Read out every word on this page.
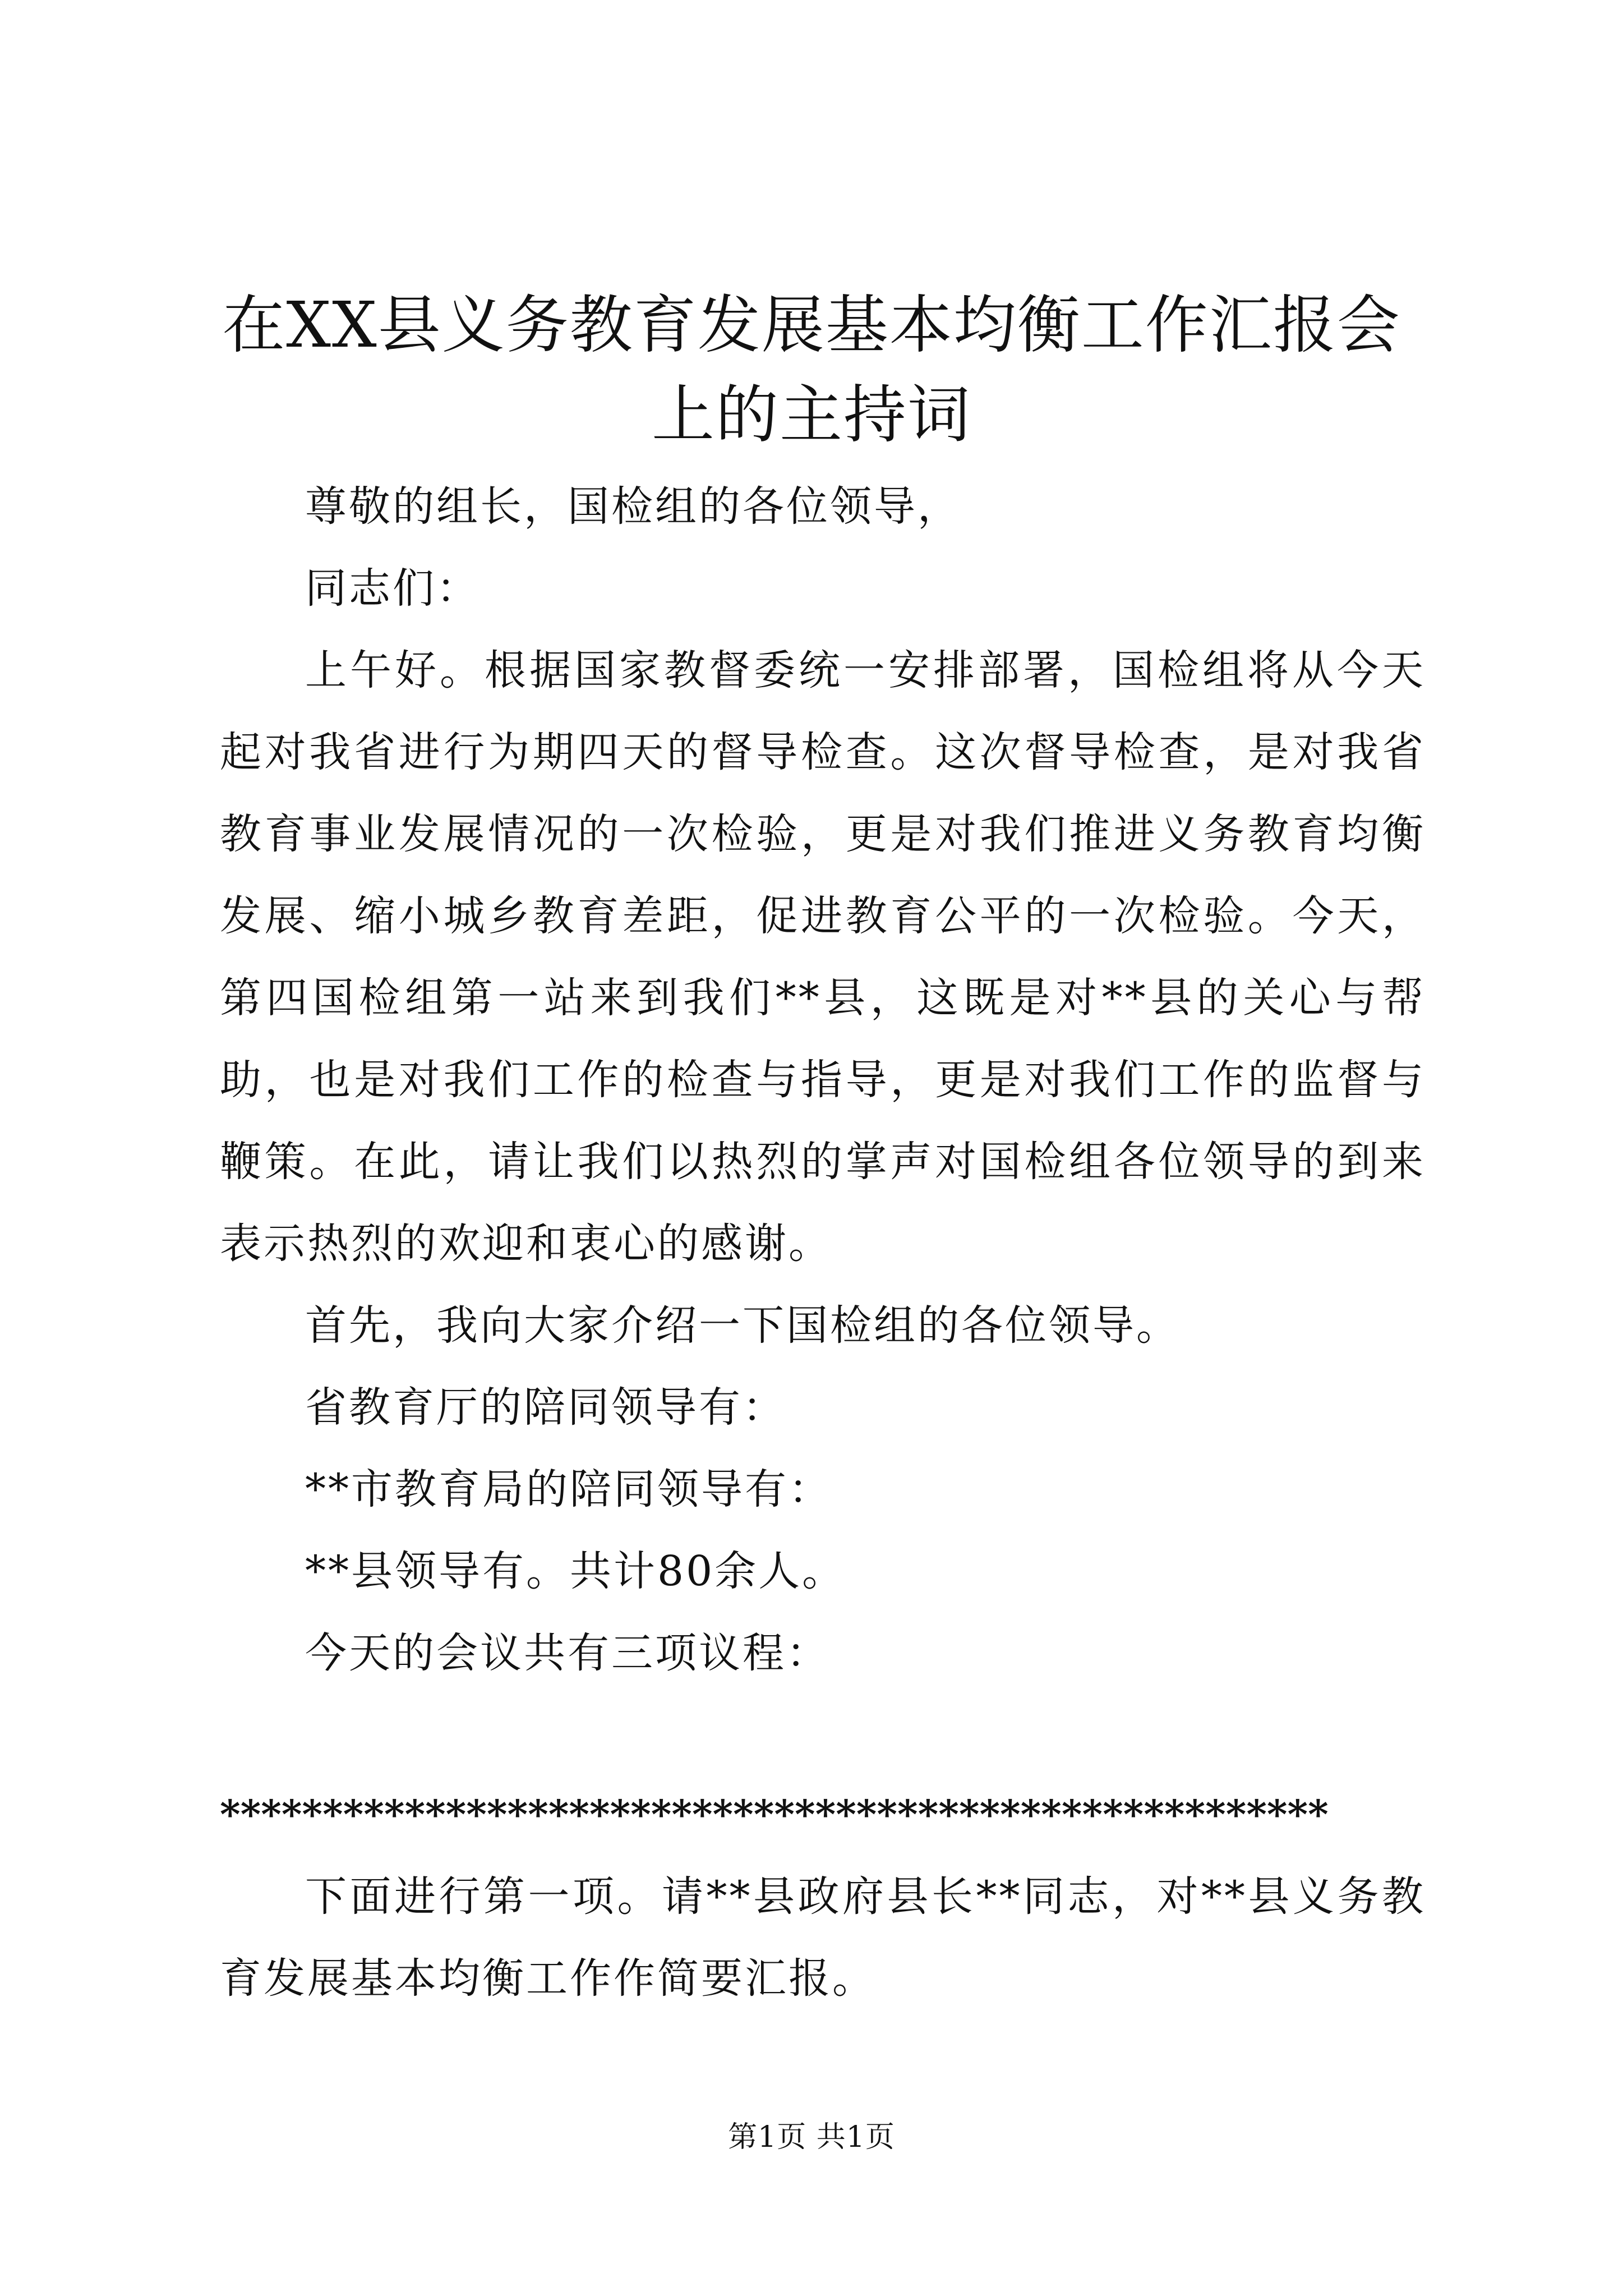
在XX县义务教育发展基本均衡工作汇报会上的主持词

尊敬的组长，国检组的各位领导，

同志们：

上午好。根据国家教督委统一安排部署，国检组将从今天起对我省进行为期四天的督导检查。这次督导检查，是对我省教育事业发展情况的一次检验，更是对我们推进义务教育均衡发展、缩小城乡教育差距，促进教育公平的一次检验。今天，第四国检组第一站来到我们**县，这既是对**县的关心与帮助，也是对我们工作的检查与指导，更是对我们工作的监督与鞭策。在此，请让我们以热烈的掌声对国检组各位领导的到来表示热烈的欢迎和衷心的感谢。

首先，我向大家介绍一下国检组的各位领导。

省教育厅的陪同领导有：

**市教育局的陪同领导有：

**县领导有。共计80余人。

今天的会议共有三项议程：

******************************************************

下面进行第一项。请**县政府县长**同志，对**县义务教育发展基本均衡工作作简要汇报。

第1页 共1页
